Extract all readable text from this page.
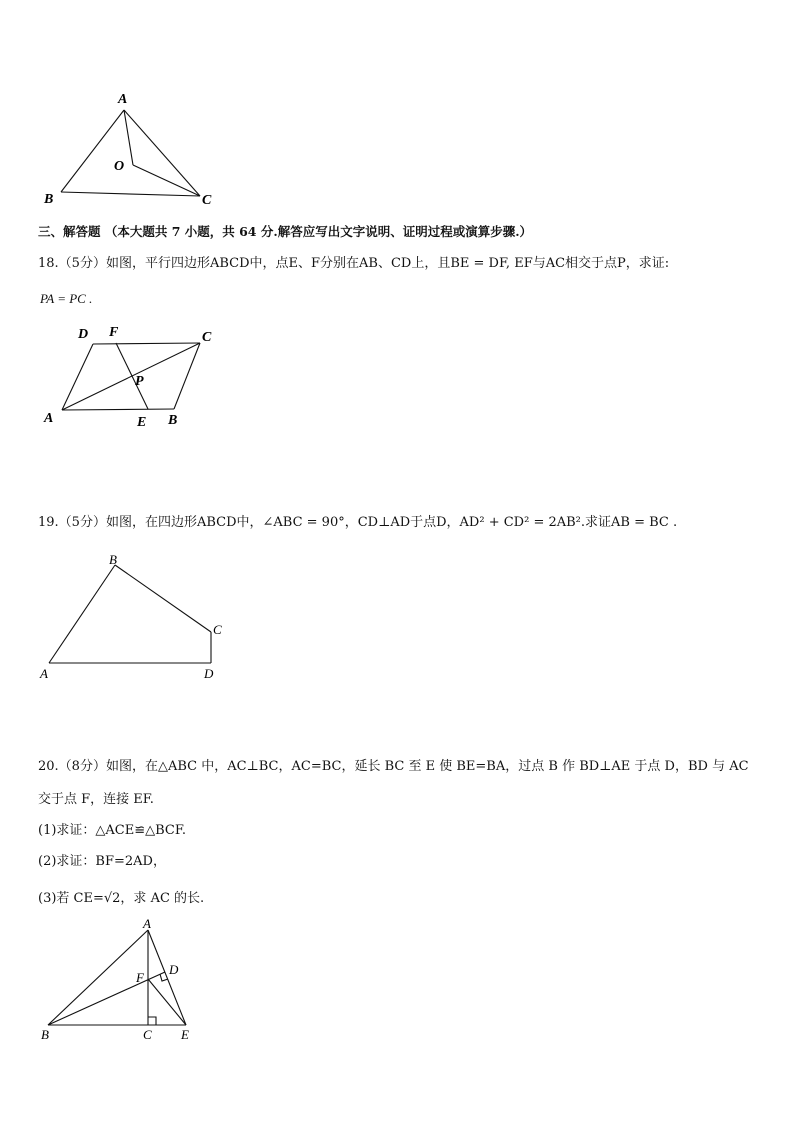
A
O
B	C
三、解答题 （本大题共 7 小题，共 64 分.解答应写出文字说明、证明过程或演算步骤.）
18.（5分）如图，平行四边形ABCD中，点E、F分别在AB、CD上，且BE = DF, EF与AC相交于点P，求证:
PA = PC .
D F	C
P
A	E B
19.（5分）如图，在四边形ABCD中，∠ABC = 90°，CD⊥AD于点D，AD² + CD² = 2AB².求证AB = BC .
B
C
A	D
20.（8分）如图，在△ABC 中，AC⊥BC，AC=BC，延长 BC 至 E 使 BE=BA，过点 B 作 BD⊥AE 于点 D，BD 与 AC
交于点 F，连接 EF.
(1)求证：△ACE≌△BCF.
(2)求证：BF=2AD，
(3)若 CE=√2，求 AC 的长.
A
D
F
B	C E
